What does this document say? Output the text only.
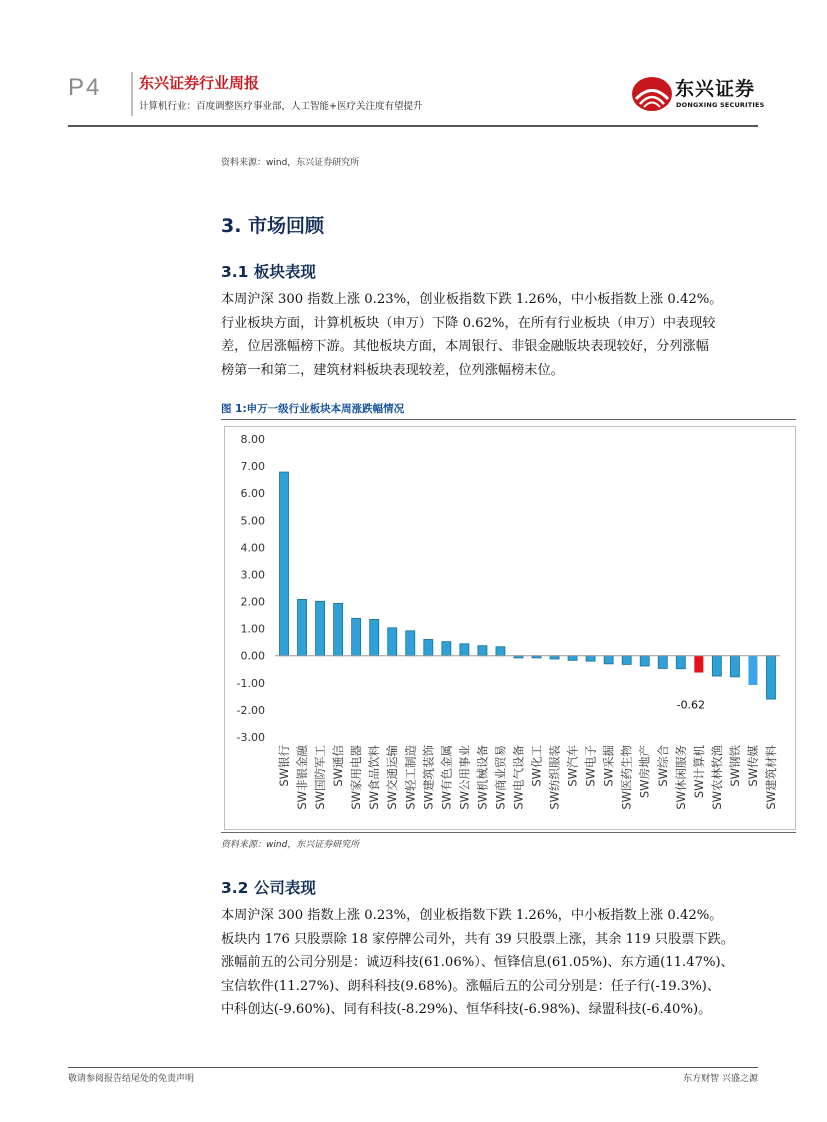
P4	东兴证券行业周报
计算机行业：百度调整医疗事业部，人工智能+医疗关注度有望提升
东兴证券
DONGXING SECURITIES
资料来源：wind，东兴证券研究所
3. 市场回顾
3.1 板块表现
本周沪深 300 指数上涨 0.23%，创业板指数下跌 1.26%，中小板指数上涨 0.42%。
行业板块方面，计算机板块（申万）下降 0.62%，在所有行业板块（申万）中表现较
差，位居涨幅榜下游。其他板块方面，本周银行、非银金融版块表现较好，分列涨幅
榜第一和第二，建筑材料板块表现较差，位列涨幅榜末位。
图 1:申万一级行业板块本周涨跌幅情况
8.00
7.00
6.00
5.00
4.00
3.00
2.00
1.00
0.00
-1.00
-2.00
-3.00
SW银行 SW非银金融 SW国防军工 SW通信 SW家用电器 SW食品饮料 SW交通运输 SW轻工制造 SW建筑装饰 SW有色金属 SW公用事业 SW机械设备 SW商业贸易 SW电气设备 SW化工 SW纺织服装 SW汽车 SW电子 SW采掘 SW医药生物 SW房地产 SW综合 SW休闲服务 SW计算机
-0.62
SW农林牧渔 SW钢铁 SW传媒 SW建筑材料
资料来源：wind，东兴证券研究所
3.2 公司表现
本周沪深 300 指数上涨 0.23%，创业板指数下跌 1.26%，中小板指数上涨 0.42%。
板块内 176 只股票除 18 家停牌公司外，共有 39 只股票上涨，其余 119 只股票下跌。
涨幅前五的公司分别是：诚迈科技(61.06%）、恒锋信息(61.05%)、东方通(11.47%)、
宝信软件(11.27%)、朗科科技(9.68%)。涨幅后五的公司分别是：任子行(-19.3%)、
中科创达(-9.60%)、同有科技(-8.29%)、恒华科技(-6.98%)、绿盟科技(-6.40%)。
敬请参阅报告结尾处的免责声明	东方财智 兴盛之源
